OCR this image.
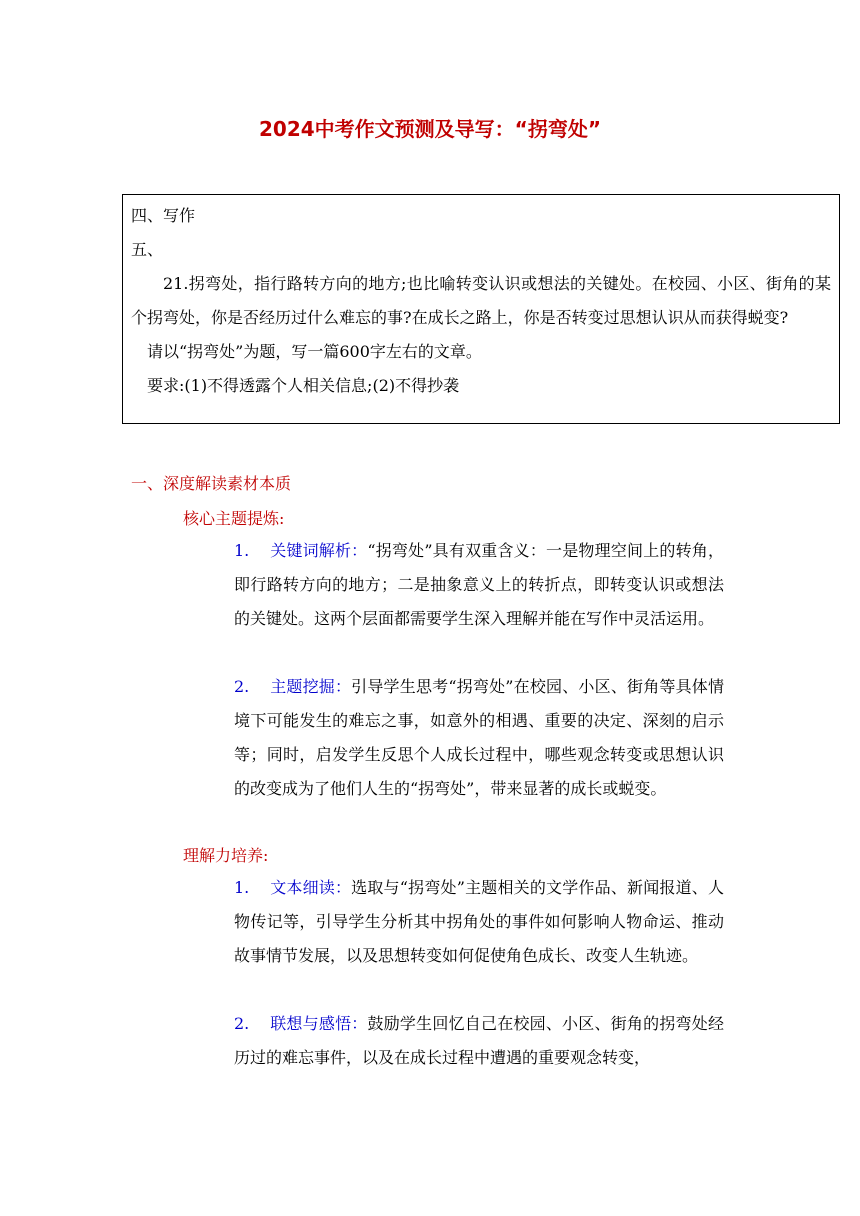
2024中考作文预测及导写：“拐弯处”
四、写作
五、
21.拐弯处，指行路转方向的地方;也比喻转变认识或想法的关键处。在校园、小区、街角的某个拐弯处，你是否经历过什么难忘的事?在成长之路上，你是否转变过思想认识从而获得蜕变?
请以“拐弯处”为题，写一篇600字左右的文章。
要求:(1)不得透露个人相关信息;(2)不得抄袭
一、深度解读素材本质
核心主题提炼:
1. 关键词解析：“拐弯处”具有双重含义：一是物理空间上的转角，即行路转方向的地方；二是抽象意义上的转折点，即转变认识或想法的关键处。这两个层面都需要学生深入理解并能在写作中灵活运用。
2. 主题挖掘：引导学生思考“拐弯处”在校园、小区、街角等具体情境下可能发生的难忘之事，如意外的相遇、重要的决定、深刻的启示等；同时，启发学生反思个人成长过程中，哪些观念转变或思想认识的改变成为了他们人生的“拐弯处”，带来显著的成长或蜕变。
理解力培养:
1. 文本细读：选取与“拐弯处”主题相关的文学作品、新闻报道、人物传记等，引导学生分析其中拐角处的事件如何影响人物命运、推动故事情节发展，以及思想转变如何促使角色成长、改变人生轨迹。
2. 联想与感悟：鼓励学生回忆自己在校园、小区、街角的拐弯处经历过的难忘事件，以及在成长过程中遭遇的重要观念转变，
